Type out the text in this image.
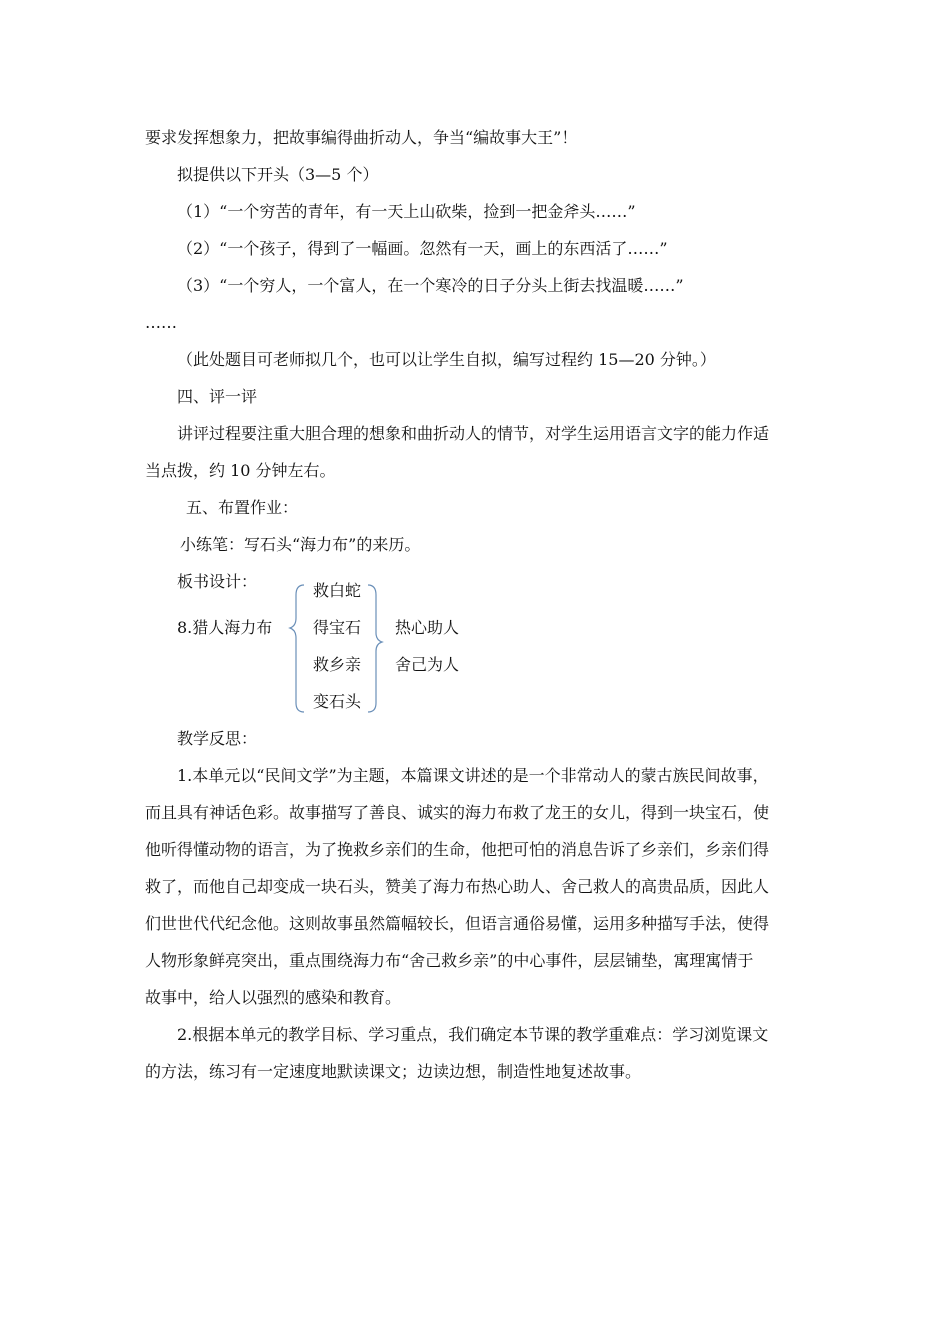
要求发挥想象力，把故事编得曲折动人，争当“编故事大王”！
拟提供以下开头（3—5 个）
（1）“一个穷苦的青年，有一天上山砍柴，捡到一把金斧头……”
（2）“一个孩子，得到了一幅画。忽然有一天，画上的东西活了……”
（3）“一个穷人，一个富人，在一个寒冷的日子分头上街去找温暖……”
……
（此处题目可老师拟几个，也可以让学生自拟，编写过程约 15—20 分钟。）
四、评一评
讲评过程要注重大胆合理的想象和曲折动人的情节，对学生运用语言文字的能力作适
当点拨，约 10 分钟左右。
五、布置作业：
小练笔：写石头“海力布”的来历。
板书设计：
8.猎人海力布
救白蛇
得宝石
救乡亲
变石头
热心助人
舍己为人
教学反思：
1.本单元以“民间文学”为主题，本篇课文讲述的是一个非常动人的蒙古族民间故事，
而且具有神话色彩。故事描写了善良、诚实的海力布救了龙王的女儿，得到一块宝石，使
他听得懂动物的语言，为了挽救乡亲们的生命，他把可怕的消息告诉了乡亲们，乡亲们得
救了，而他自己却变成一块石头，赞美了海力布热心助人、舍己救人的高贵品质，因此人
们世世代代纪念他。这则故事虽然篇幅较长，但语言通俗易懂，运用多种描写手法，使得
人物形象鲜亮突出，重点围绕海力布“舍己救乡亲”的中心事件，层层铺垫，寓理寓情于
故事中，给人以强烈的感染和教育。
2.根据本单元的教学目标、学习重点，我们确定本节课的教学重难点：学习浏览课文
的方法，练习有一定速度地默读课文；边读边想，制造性地复述故事。
